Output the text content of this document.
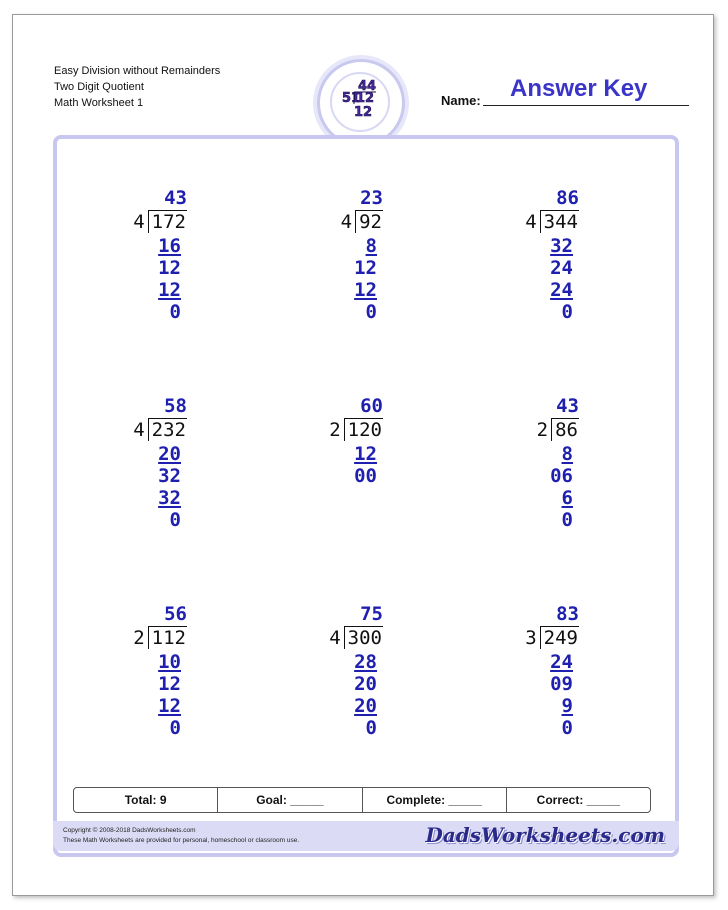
Easy Division without Remainders
Two Digit Quotient
Math Worksheet 1
44
51
12
12
Name: Answer Key
43
4 172
16
12
12
0
23
4 92
8
12
12
0
86
4 344
32
24
24
0
58
4 232
20
32
32
0
60
2 120
12
00
43
2 86
8
06
6
0
56
2 112
10
12
12
0
75
4 300
28
20
20
0
83
3 249
24
09
9
0
Total: 9	Goal: _____	Complete: _____	Correct: _____
Copyright © 2008-2018 DadsWorksheets.com
These Math Worksheets are provided for personal, homeschool or classroom use.	DadsWorksheets.com
